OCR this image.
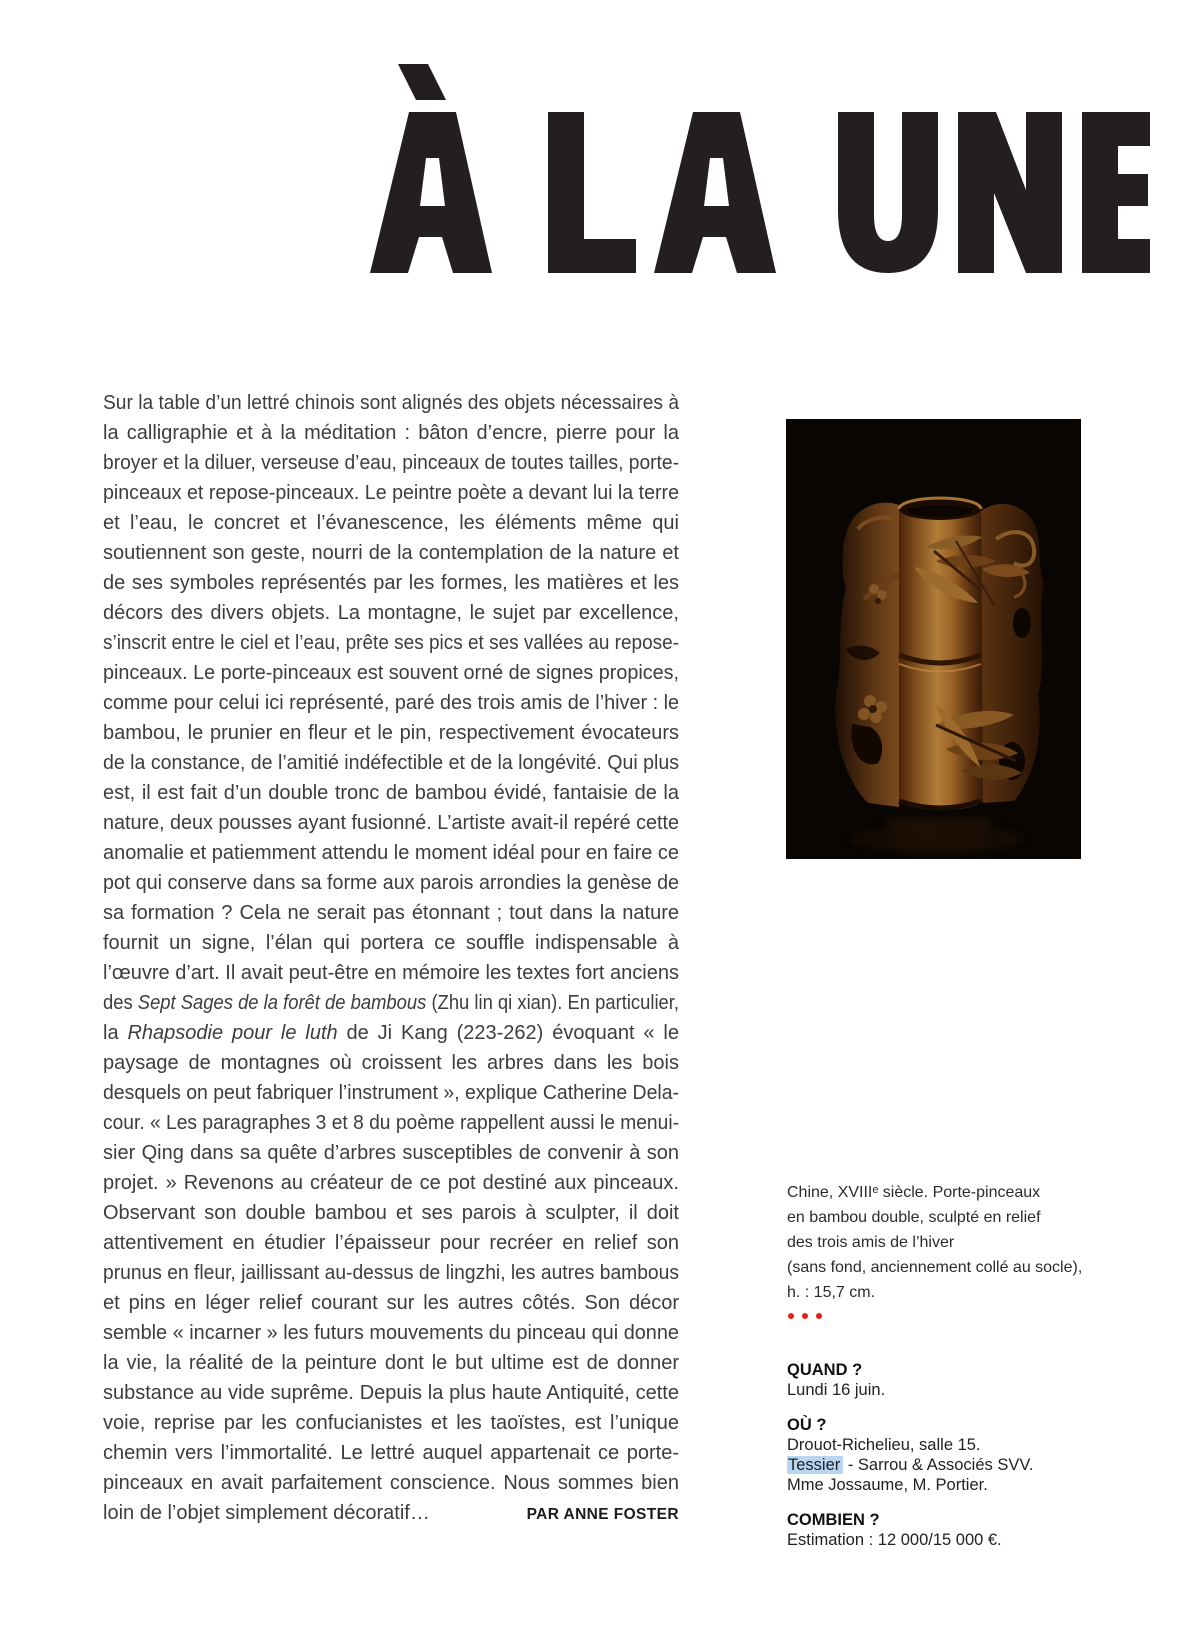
Sur la table d’un lettré chinois sont alignés des objets nécessaires à
la calligraphie et à la méditation : bâton d’encre, pierre pour la
broyer et la diluer, verseuse d’eau, pinceaux de toutes tailles, porte-
pinceaux et repose-pinceaux. Le peintre poète a devant lui la terre
et l’eau, le concret et l’évanescence, les éléments même qui
soutiennent son geste, nourri de la contemplation de la nature et
de ses symboles représentés par les formes, les matières et les
décors des divers objets. La montagne, le sujet par excellence,
s’inscrit entre le ciel et l’eau, prête ses pics et ses vallées au repose-
pinceaux. Le porte-pinceaux est souvent orné de signes propices,
comme pour celui ici représenté, paré des trois amis de l’hiver : le
bambou, le prunier en fleur et le pin, respectivement évocateurs
de la constance, de l’amitié indéfectible et de la longévité. Qui plus
est, il est fait d’un double tronc de bambou évidé, fantaisie de la
nature, deux pousses ayant fusionné. L’artiste avait-il repéré cette
anomalie et patiemment attendu le moment idéal pour en faire ce
pot qui conserve dans sa forme aux parois arrondies la genèse de
sa formation ? Cela ne serait pas étonnant ; tout dans la nature
fournit un signe, l’élan qui portera ce souffle indispensable à
l’œuvre d’art. Il avait peut-être en mémoire les textes fort anciens
des Sept Sages de la forêt de bambous (Zhu lin qi xian). En particulier,
la Rhapsodie pour le luth de Ji Kang (223-262) évoquant « le
paysage de montagnes où croissent les arbres dans les bois
desquels on peut fabriquer l’instrument », explique Catherine Dela-
cour. « Les paragraphes 3 et 8 du poème rappellent aussi le menui-
sier Qing dans sa quête d’arbres susceptibles de convenir à son
projet. » Revenons au créateur de ce pot destiné aux pinceaux.
Observant son double bambou et ses parois à sculpter, il doit
attentivement en étudier l’épaisseur pour recréer en relief son
prunus en fleur, jaillissant au-dessus de lingzhi, les autres bambous
et pins en léger relief courant sur les autres côtés. Son décor
semble « incarner » les futurs mouvements du pinceau qui donne
la vie, la réalité de la peinture dont le but ultime est de donner
substance au vide suprême. Depuis la plus haute Antiquité, cette
voie, reprise par les confucianistes et les taoïstes, est l’unique
chemin vers l’immortalité. Le lettré auquel appartenait ce porte-
pinceaux en avait parfaitement conscience. Nous sommes bien
loin de l’objet simplement décoratif…	PAR ANNE FOSTER
Chine, XVIIIᵉ siècle. Porte-pinceaux
en bambou double, sculpté en relief
des trois amis de l’hiver
(sans fond, anciennement collé au socle),
h. : 15,7 cm.
QUAND ?
Lundi 16 juin.
OÙ ?
Drouot-Richelieu, salle 15.
Tessier - Sarrou & Associés SVV.
Mme Jossaume, M. Portier.
COMBIEN ?
Estimation : 12 000/15 000 €.
